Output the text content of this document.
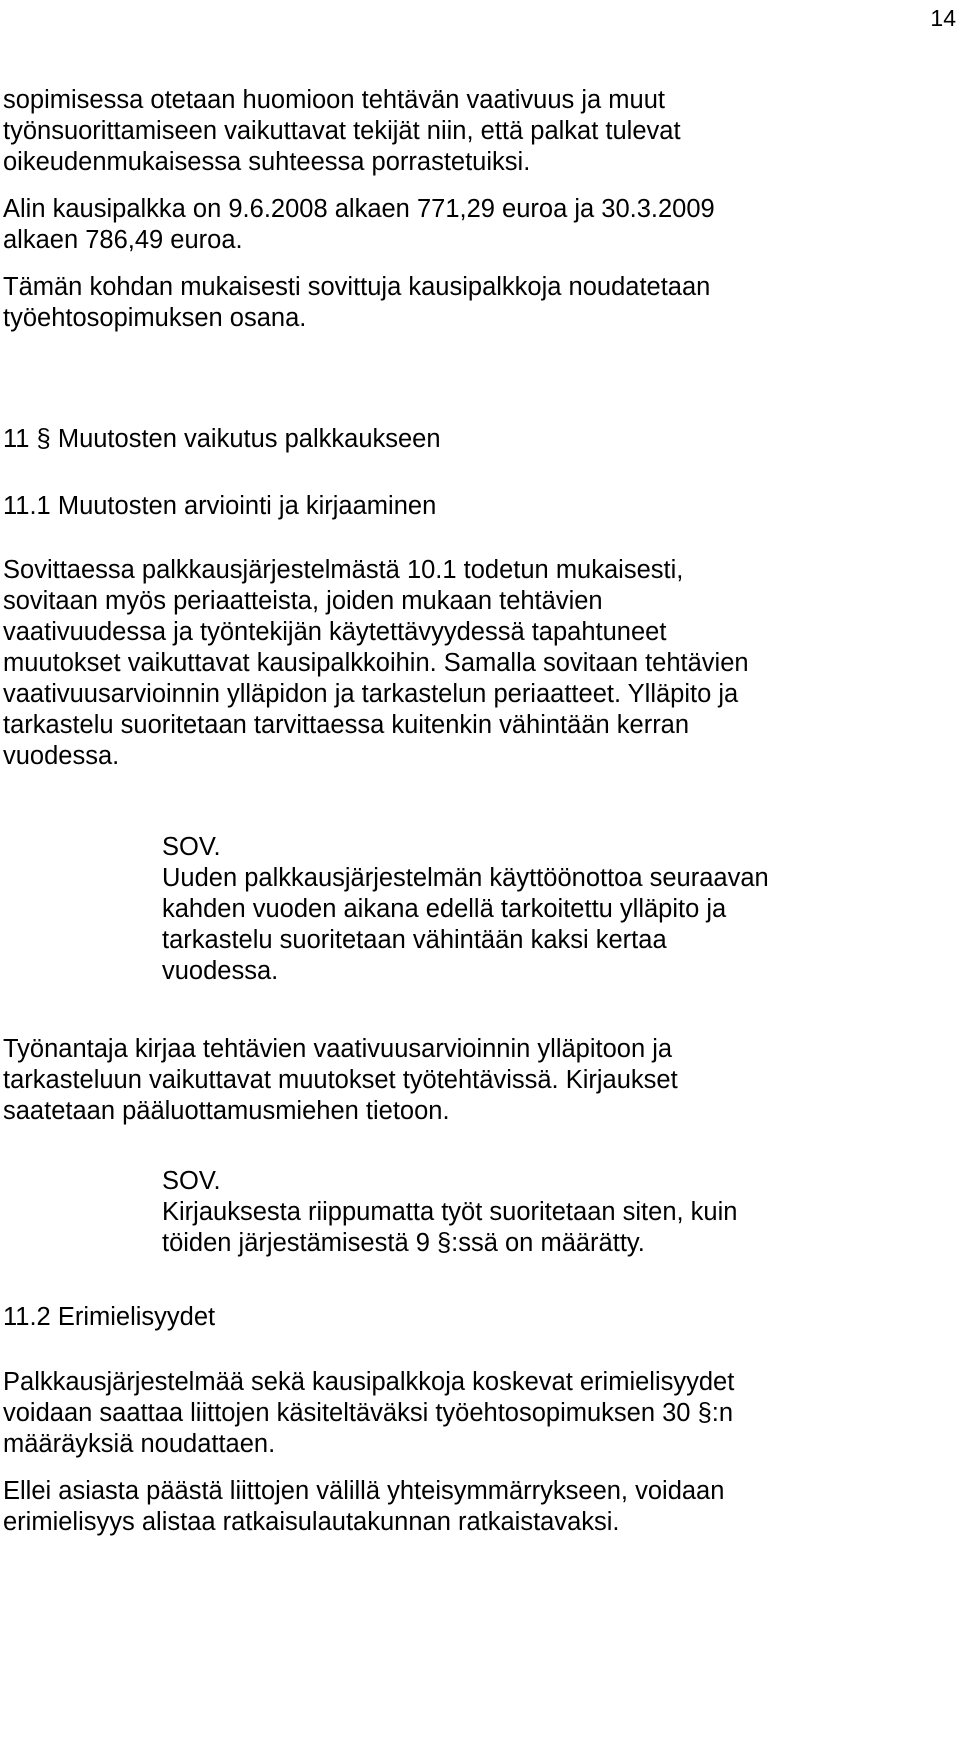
14

sopimisessa otetaan huomioon tehtävän vaativuus ja muut
työnsuorittamiseen vaikuttavat tekijät niin, että palkat tulevat
oikeudenmukaisessa suhteessa porrastetuiksi.

Alin kausipalkka on 9.6.2008 alkaen 771,29 euroa ja 30.3.2009
alkaen 786,49 euroa.

Tämän kohdan mukaisesti sovittuja kausipalkkoja noudatetaan
työehtosopimuksen osana.

11 § Muutosten vaikutus palkkaukseen

11.1 Muutosten arviointi ja kirjaaminen

Sovittaessa palkkausjärjestelmästä 10.1 todetun mukaisesti,
sovitaan myös periaatteista, joiden mukaan tehtävien
vaativuudessa ja työntekijän käytettävyydessä tapahtuneet
muutokset vaikuttavat kausipalkkoihin. Samalla sovitaan tehtävien
vaativuusarvioinnin ylläpidon ja tarkastelun periaatteet. Ylläpito ja
tarkastelu suoritetaan tarvittaessa kuitenkin vähintään kerran
vuodessa.

SOV.
Uuden palkkausjärjestelmän käyttöönottoa seuraavan
kahden vuoden aikana edellä tarkoitettu ylläpito ja
tarkastelu suoritetaan vähintään kaksi kertaa
vuodessa.

Työnantaja kirjaa tehtävien vaativuusarvioinnin ylläpitoon ja
tarkasteluun vaikuttavat muutokset työtehtävissä. Kirjaukset
saatetaan pääluottamusmiehen tietoon.

SOV.
Kirjauksesta riippumatta työt suoritetaan siten, kuin
töiden järjestämisestä 9 §:ssä on määrätty.

11.2 Erimielisyydet

Palkkausjärjestelmää sekä kausipalkkoja koskevat erimielisyydet
voidaan saattaa liittojen käsiteltäväksi työehtosopimuksen 30 §:n
määräyksiä noudattaen.

Ellei asiasta päästä liittojen välillä yhteisymmärrykseen, voidaan
erimielisyys alistaa ratkaisulautakunnan ratkaistavaksi.
